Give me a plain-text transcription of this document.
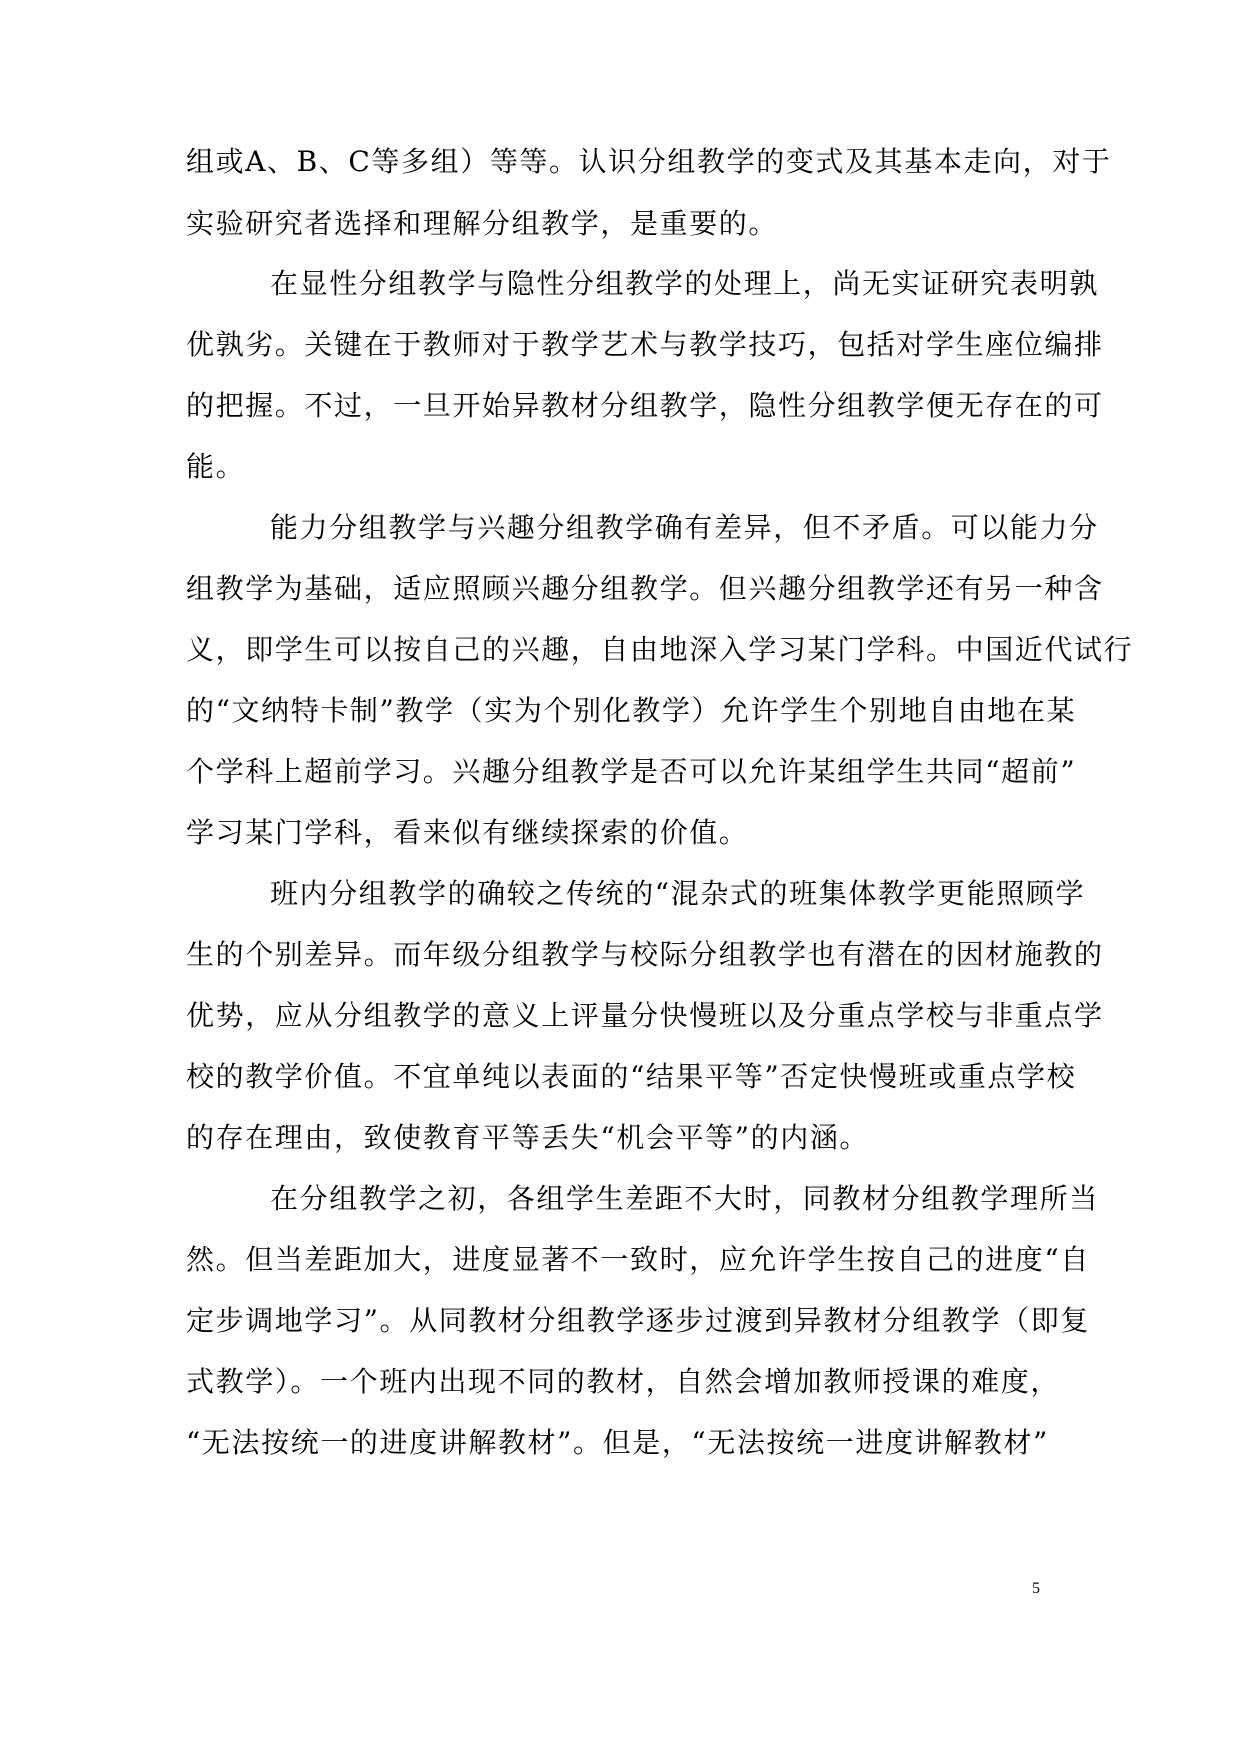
组或A、B、C等多组）等等。认识分组教学的变式及其基本走向，对于
实验研究者选择和理解分组教学，是重要的。
在显性分组教学与隐性分组教学的处理上，尚无实证研究表明孰
优孰劣。关键在于教师对于教学艺术与教学技巧，包括对学生座位编排
的把握。不过，一旦开始异教材分组教学，隐性分组教学便无存在的可
能。
能力分组教学与兴趣分组教学确有差异，但不矛盾。可以能力分
组教学为基础，适应照顾兴趣分组教学。但兴趣分组教学还有另一种含
义，即学生可以按自己的兴趣，自由地深入学习某门学科。中国近代试行
的“文纳特卡制”教学（实为个别化教学）允许学生个别地自由地在某
个学科上超前学习。兴趣分组教学是否可以允许某组学生共同“超前”
学习某门学科，看来似有继续探索的价值。
班内分组教学的确较之传统的“混杂式的班集体教学更能照顾学
生的个别差异。而年级分组教学与校际分组教学也有潜在的因材施教的
优势，应从分组教学的意义上评量分快慢班以及分重点学校与非重点学
校的教学价值。不宜单纯以表面的“结果平等”否定快慢班或重点学校
的存在理由，致使教育平等丢失“机会平等”的内涵。
在分组教学之初，各组学生差距不大时，同教材分组教学理所当
然。但当差距加大，进度显著不一致时，应允许学生按自己的进度“自
定步调地学习”。从同教材分组教学逐步过渡到异教材分组教学（即复
式教学）。一个班内出现不同的教材，自然会增加教师授课的难度，
“无法按统一的进度讲解教材”。但是，“无法按统一进度讲解教材”
5
